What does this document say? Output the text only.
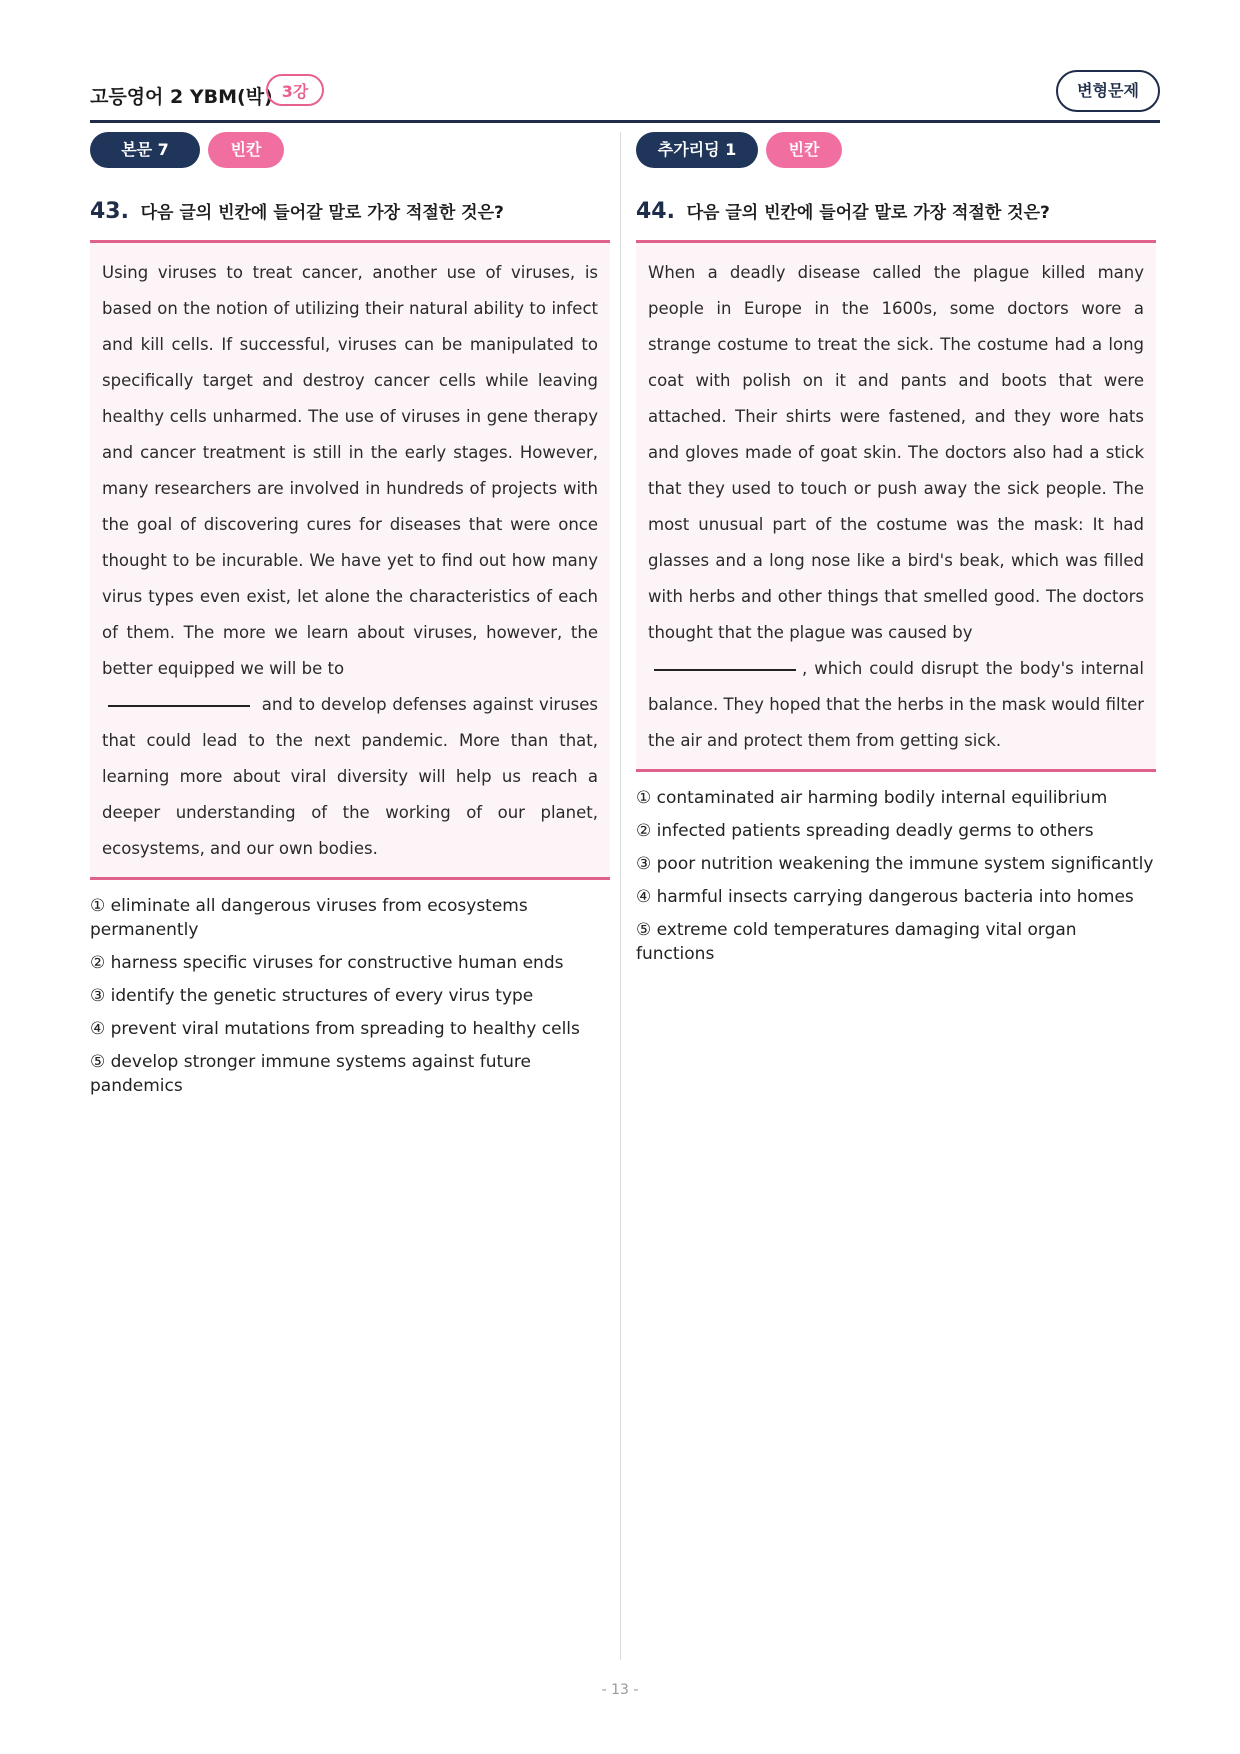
고등영어 2 YBM(박) 3강	변형문제
본문 7	빈칸
43. 다음 글의 빈칸에 들어갈 말로 가장 적절한 것은?
Using viruses to treat cancer, another use of viruses, is based on the notion of utilizing their natural ability to infect and kill cells. If successful, viruses can be manipulated to specifically target and destroy cancer cells while leaving healthy cells unharmed. The use of viruses in gene therapy and cancer treatment is still in the early stages. However, many researchers are involved in hundreds of projects with the goal of discovering cures for diseases that were once thought to be incurable. We have yet to find out how many virus types even exist, let alone the characteristics of each of them. The more we learn about viruses, however, the better equipped we will be to
and to develop defenses against viruses that could lead to the next pandemic. More than that, learning more about viral diversity will help us reach a deeper understanding of the working of our planet, ecosystems, and our own bodies.
① eliminate all dangerous viruses from ecosystems permanently
② harness specific viruses for constructive human ends
③ identify the genetic structures of every virus type
④ prevent viral mutations from spreading to healthy cells
⑤ develop stronger immune systems against future pandemics
추가리딩 1	빈칸
44. 다음 글의 빈칸에 들어갈 말로 가장 적절한 것은?
When a deadly disease called the plague killed many people in Europe in the 1600s, some doctors wore a strange costume to treat the sick. The costume had a long coat with polish on it and pants and boots that were attached. Their shirts were fastened, and they wore hats and gloves made of goat skin. The doctors also had a stick that they used to touch or push away the sick people. The most unusual part of the costume was the mask: It had glasses and a long nose like a bird's beak, which was filled with herbs and other things that smelled good. The doctors thought that the plague was caused by
, which could disrupt the body's internal balance. They hoped that the herbs in the mask would filter the air and protect them from getting sick.
① contaminated air harming bodily internal equilibrium
② infected patients spreading deadly germs to others
③ poor nutrition weakening the immune system significantly
④ harmful insects carrying dangerous bacteria into homes
⑤ extreme cold temperatures damaging vital organ functions
- 13 -
